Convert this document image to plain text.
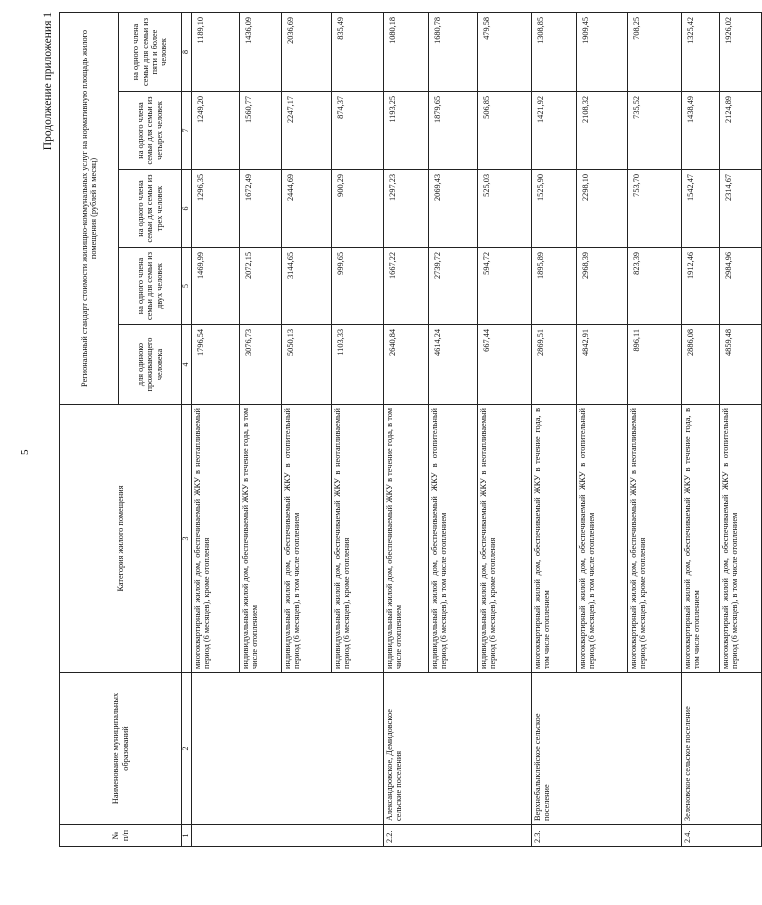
5
Продолжение приложения 1
№ п/п	Наименование муниципальных образований	Категория жилого помещения	Региональный стандарт стоимости жилищно-коммунальных услуг на нормативную площадь жилого помещения (рублей в месяц)				
			для одиноко проживающего человека	на одного члена семьи для семьи из двух человек	на одного члена семьи для семьи из трех человек	на одного члена семьи для семьи из четырех человек	на одного члена семьи для семьи из пяти и более человек
1	2	3	4	5	6	7	8
		многоквартирный жилой дом, обеспечиваемый ЖКУ в неотапливаемый период (6 месяцев), кроме отопления	1796,54	1469,99	1296,35	1249,20	1189,10
		индивидуальный жилой дом, обеспечиваемый ЖКУ в течение года, в том числе отоплением	3076,73	2072,15	1672,49	1560,77	1436,09
		индивидуальный жилой дом, обеспечиваемый ЖКУ в отопительный период (6 месяцев), в том числе отоплением	5050,13	3144,65	2444,69	2247,17	2036,69
		индивидуальный жилой дом, обеспечиваемый ЖКУ в неотапливаемый период (6 месяцев), кроме отопления	1103,33	999,65	900,29	874,37	835,49
2.2.	Александровское, Демидовское сельские поселения	индивидуальный жилой дом, обеспечиваемый ЖКУ в течение года, в том числе отоплением	2640,84	1667,22	1297,23	1193,25	1080,18
		индивидуальный жилой дом, обеспечиваемый ЖКУ в отопительный период (6 месяцев), в том числе отоплением	4614,24	2739,72	2069,43	1879,65	1680,78
		индивидуальный жилой дом, обеспечиваемый ЖКУ в неотапливаемый период (6 месяцев), кроме отопления	667,44	594,72	525,03	506,85	479,58
2.3.	Верхнебалыклейское сельское поселение	многоквартирный жилой дом, обеспечиваемый ЖКУ в течение года, в том числе отоплением	2869,51	1895,89	1525,90	1421,92	1308,85
		многоквартирный жилой дом, обеспечиваемый ЖКУ в отопительный период (6 месяцев), в том числе отоплением	4842,91	2968,39	2298,10	2108,32	1909,45
		многоквартирный жилой дом, обеспечиваемый ЖКУ в неотапливаемый период (6 месяцев), кроме отопления	896,11	823,39	753,70	735,52	708,25
2.4.	Зеленовское сельское поселение	многоквартирный жилой дом, обеспечиваемый ЖКУ в течение года, в том числе отоплением	2886,08	1912,46	1542,47	1438,49	1325,42
		многоквартирный жилой дом, обеспечиваемый ЖКУ в отопительный период (6 месяцев), в том числе отоплением	4859,48	2984,96	2314,67	2124,89	1926,02
